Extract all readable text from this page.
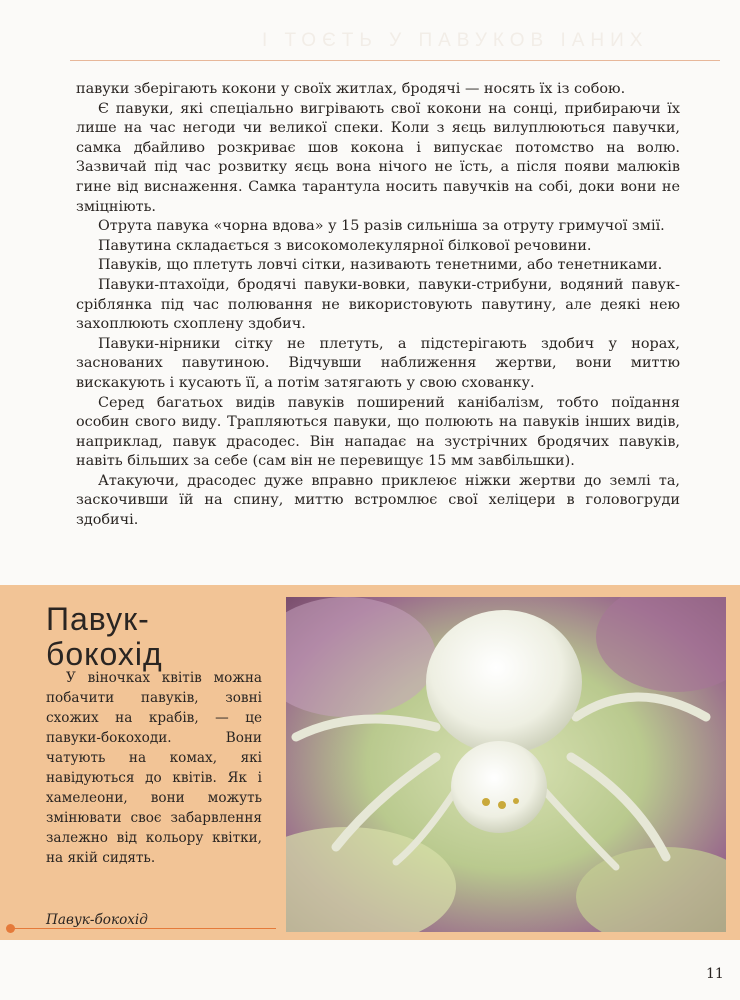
І ТОЄТЬ У ПАВУКОВ ІАНИХ

павуки зберігають кокони у своїх житлах, бродячі — носять їх із собою.

Є павуки, які спеціально вигрівають свої кокони на сонці, прибираючи їх лише на час негоди чи великої спеки. Коли з яєць вилуплюються павучки, самка дбайливо розкриває шов кокона і випускає потомство на волю. Зазвичай під час розвитку яєць вона нічого не їсть, а після появи малюків гине від виснаження. Самка тарантула носить павучків на собі, доки вони не зміцніють.

Отрута павука «чорна вдова» у 15 разів сильніша за отруту гримучої змії.

Павутина складається з високомолекулярної білкової речовини.

Павуків, що плетуть ловчі сітки, називають тенетними, або тенетниками.

Павуки-птахоїди, бродячі павуки-вовки, павуки-стрибуни, водяний павук-сріблянка під час полювання не використовують павутину, але деякі нею захоплюють схоплену здобич.

Павуки-нірники сітку не плетуть, а підстерігають здобич у норах, заснованих павутиною. Відчувши наближення жертви, вони миттю вискакують і кусають її, а потім затягають у свою схованку.

Серед багатьох видів павуків поширений канібалізм, тобто поїдання особин свого виду. Трапляються павуки, що полюють на павуків інших видів, наприклад, павук драсодес. Він нападає на зустрічних бродячих павуків, навіть більших за себе (сам він не перевищує 15 мм завбільшки).

Атакуючи, драсодес дуже вправно приклеює ніжки жертви до землі та, заскочивши їй на спину, миттю встромлює свої хеліцери в головогруди здобичі.

Павук-
бокохід
У віночках квітів можна побачити павуків, зовні схожих на крабів, — це павуки-бокоходи. Вони чатують на комах, які навідуються до квітів. Як і хамелеони, вони можуть змінювати своє забарвлення залежно від кольору квітки, на якій сидять.
Павук-бокохід
11
